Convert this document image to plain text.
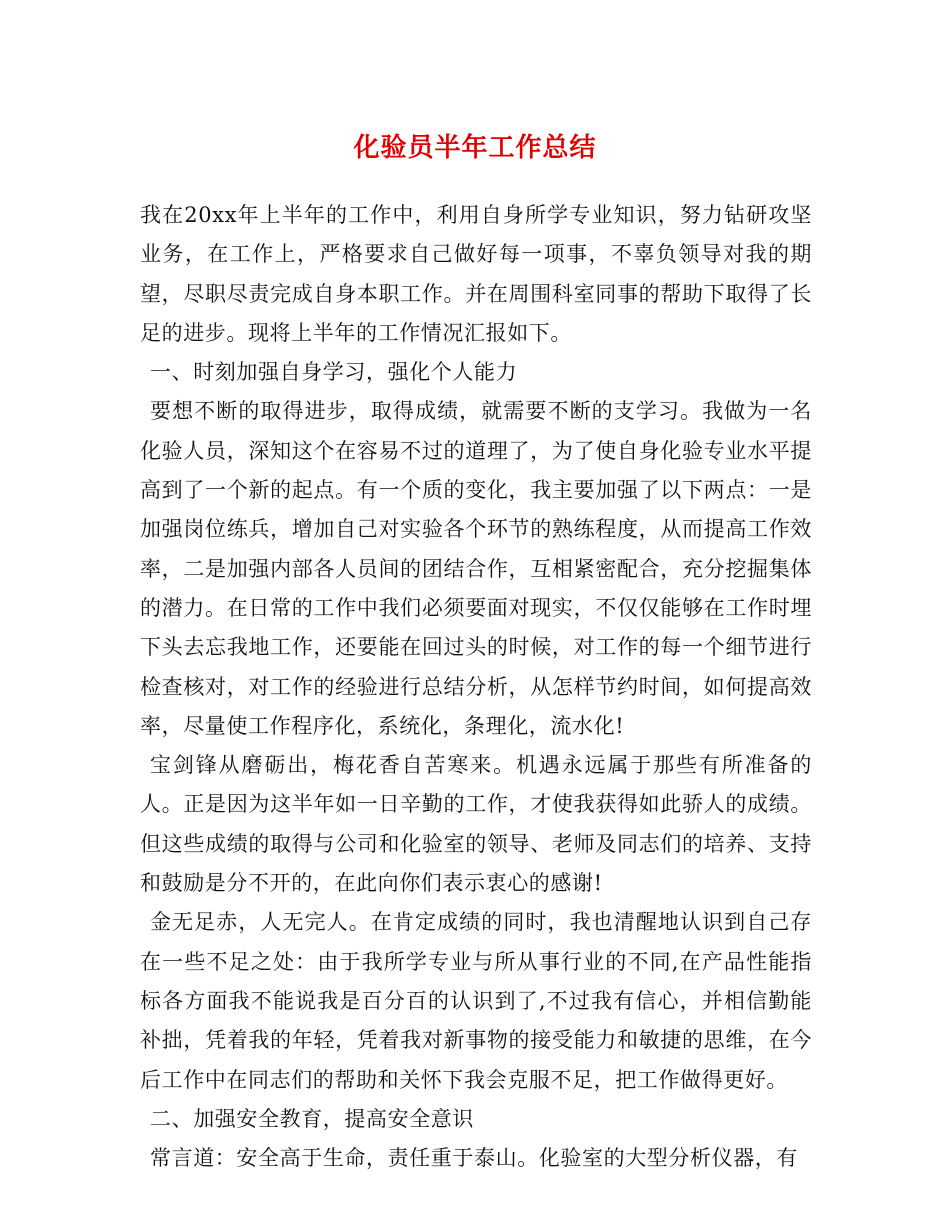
化验员半年工作总结

我在20xx年上半年的工作中，利用自身所学专业知识，努力钻研攻坚业务，在工作上，严格要求自己做好每一项事，不辜负领导对我的期望，尽职尽责完成自身本职工作。并在周围科室同事的帮助下取得了长足的进步。现将上半年的工作情况汇报如下。

一、时刻加强自身学习，强化个人能力

要想不断的取得进步，取得成绩，就需要不断的支学习。我做为一名化验人员，深知这个在容易不过的道理了，为了使自身化验专业水平提高到了一个新的起点。有一个质的变化，我主要加强了以下两点：一是加强岗位练兵，增加自己对实验各个环节的熟练程度，从而提高工作效率，二是加强内部各人员间的团结合作，互相紧密配合，充分挖掘集体的潜力。在日常的工作中我们必须要面对现实，不仅仅能够在工作时埋下头去忘我地工作，还要能在回过头的时候，对工作的每一个细节进行检查核对，对工作的经验进行总结分析，从怎样节约时间，如何提高效率，尽量使工作程序化，系统化，条理化，流水化!

宝剑锋从磨砺出，梅花香自苦寒来。机遇永远属于那些有所准备的人。正是因为这半年如一日辛勤的工作，才使我获得如此骄人的成绩。但这些成绩的取得与公司和化验室的领导、老师及同志们的培养、支持和鼓励是分不开的，在此向你们表示衷心的感谢!

金无足赤，人无完人。在肯定成绩的同时，我也清醒地认识到自己存在一些不足之处：由于我所学专业与所从事行业的不同,在产品性能指标各方面我不能说我是百分百的认识到了,不过我有信心，并相信勤能补拙，凭着我的年轻，凭着我对新事物的接受能力和敏捷的思维，在今后工作中在同志们的帮助和关怀下我会克服不足，把工作做得更好。

二、加强安全教育，提高安全意识

常言道：安全高于生命，责任重于泰山。化验室的大型分析仪器，有
